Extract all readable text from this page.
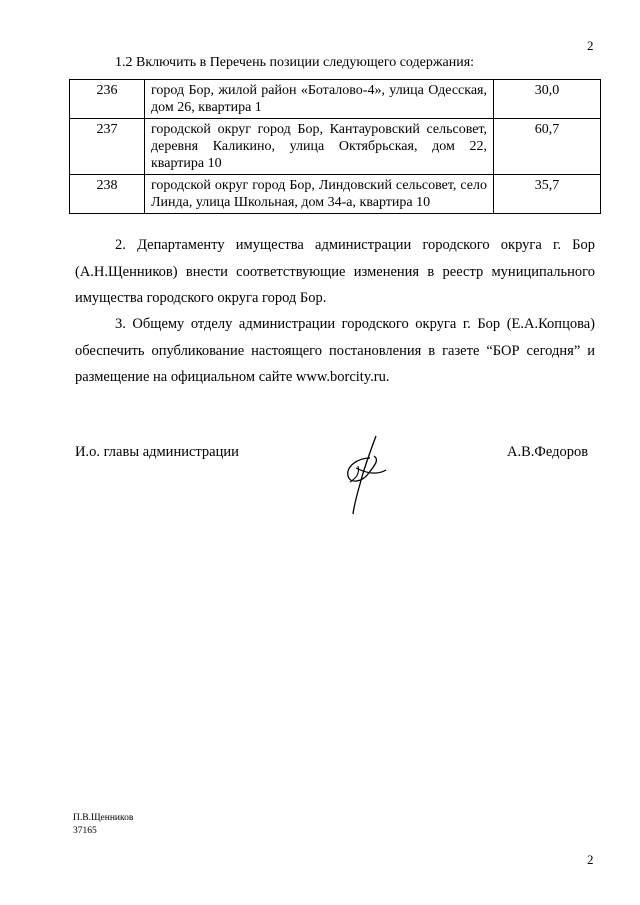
2
1.2 Включить в Перечень позиции следующего содержания:
236	город Бор, жилой район «Боталово-4», улица Одесская, дом 26, квартира 1	30,0
237	городской округ город Бор, Кантауровский сельсовет, деревня Каликино, улица Октябрьская, дом 22, квартира 10	60,7
238	городской округ город Бор, Линдовский сельсовет, село Линда, улица Школьная, дом 34-а, квартира 10	35,7
2. Департаменту имущества администрации городского округа г. Бор (А.Н.Щенников) внести соответствующие изменения в реестр муниципального имущества городского округа город Бор.
3. Общему отделу администрации городского округа г. Бор (Е.А.Копцова) обеспечить опубликование настоящего постановления в газете “БОР сегодня” и размещение на официальном сайте www.borcity.ru.
И.о. главы администрации	А.В.Федоров
П.В.Щенников
37165
2
